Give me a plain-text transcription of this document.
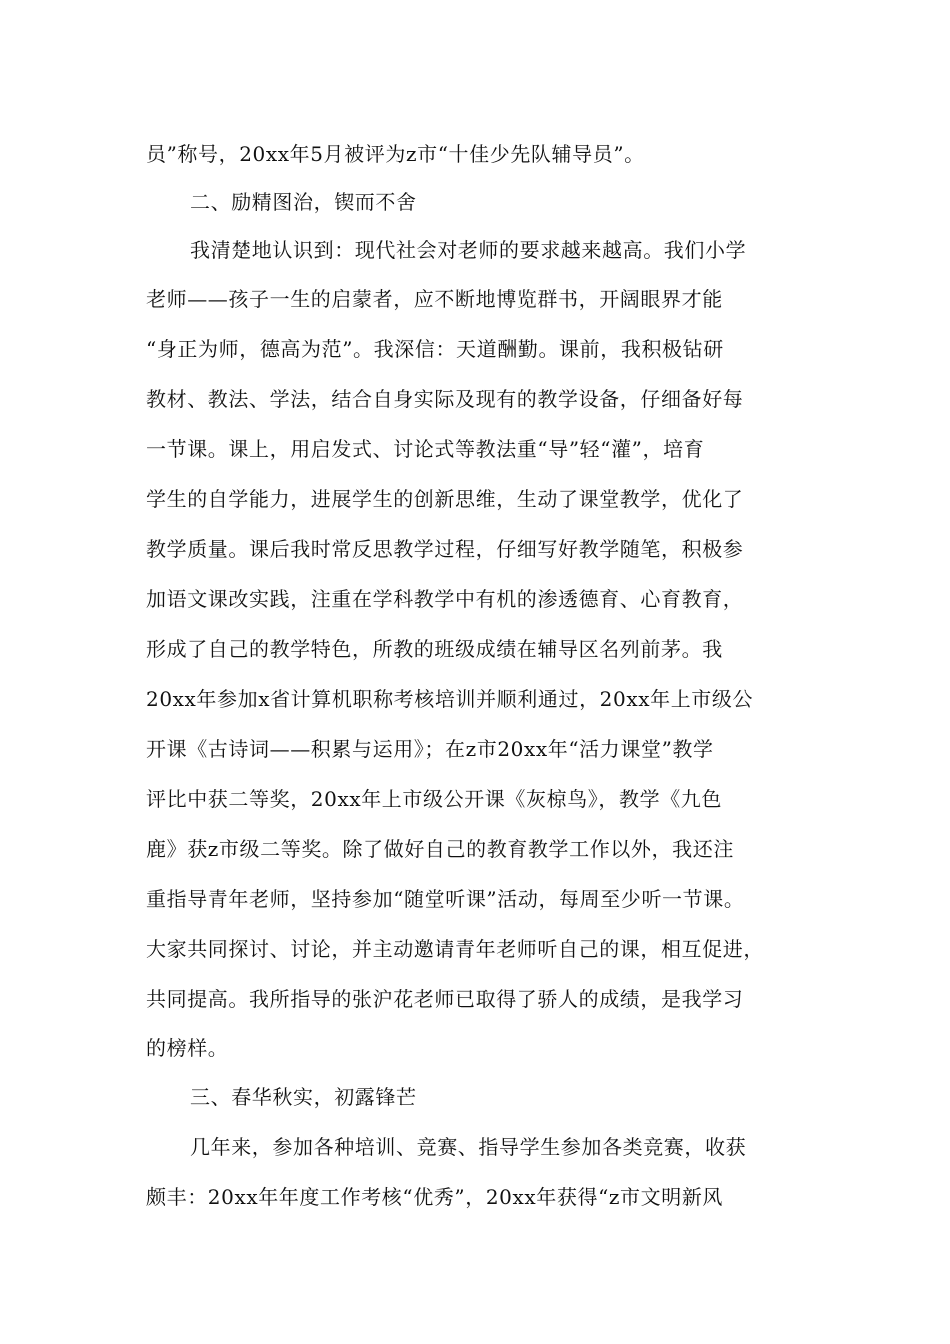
员”称号，20xx年5月被评为z市“十佳少先队辅导员”。
二、励精图治，锲而不舍
我清楚地认识到：现代社会对老师的要求越来越高。我们小学
老师——孩子一生的启蒙者，应不断地博览群书，开阔眼界才能
“身正为师，德高为范”。我深信：天道酬勤。课前，我积极钻研
教材、教法、学法，结合自身实际及现有的教学设备，仔细备好每
一节课。课上，用启发式、讨论式等教法重“导”轻“灌”，培育
学生的自学能力，进展学生的创新思维，生动了课堂教学，优化了
教学质量。课后我时常反思教学过程，仔细写好教学随笔，积极参
加语文课改实践，注重在学科教学中有机的渗透德育、心育教育，
形成了自己的教学特色，所教的班级成绩在辅导区名列前茅。我
20xx年参加x省计算机职称考核培训并顺利通过，20xx年上市级公
开课《古诗词——积累与运用》；在z市20xx年“活力课堂”教学
评比中获二等奖，20xx年上市级公开课《灰椋鸟》，教学《九色
鹿》获z市级二等奖。除了做好自己的教育教学工作以外，我还注
重指导青年老师，坚持参加“随堂听课”活动，每周至少听一节课。
大家共同探讨、讨论，并主动邀请青年老师听自己的课，相互促进，
共同提高。我所指导的张沪花老师已取得了骄人的成绩，是我学习
的榜样。
三、春华秋实，初露锋芒
几年来，参加各种培训、竞赛、指导学生参加各类竞赛，收获
颇丰：20xx年年度工作考核“优秀”，20xx年获得“z市文明新风
